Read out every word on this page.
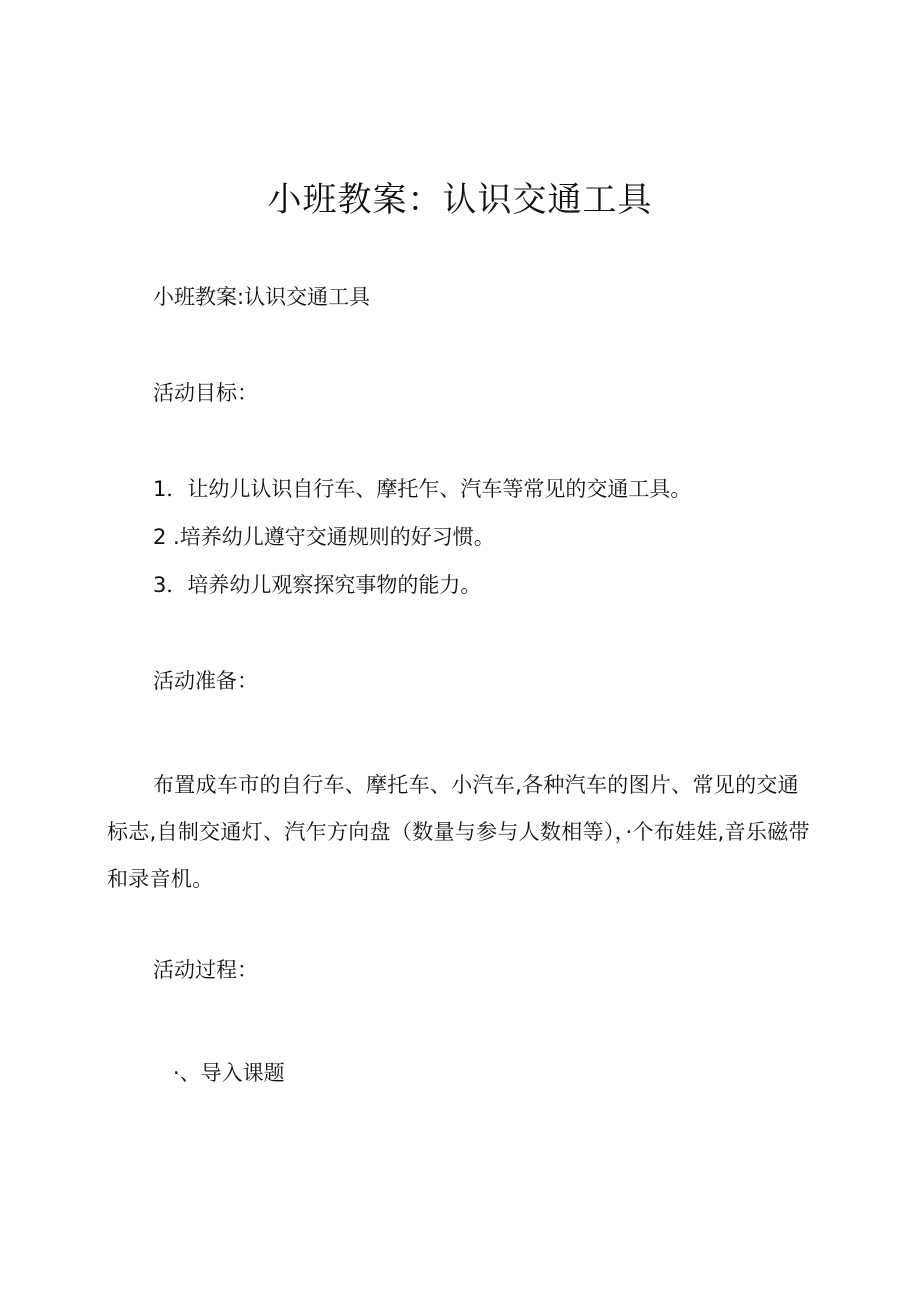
小班教案：认识交通工具
小班教案:认识交通工具
活动目标：
1．让幼儿认识自行车、摩托乍、汽车等常见的交通工具。
2 .培养幼儿遵守交通规则的好习惯。
3．培养幼儿观察探究事物的能力。
活动准备：
布置成车市的自行车、摩托车、小汽车,各种汽车的图片、常见的交通标志,自制交通灯、汽乍方向盘（数量与参与人数相等），·个布娃娃,音乐磁带和录音机。
活动过程：
·、导入课题
